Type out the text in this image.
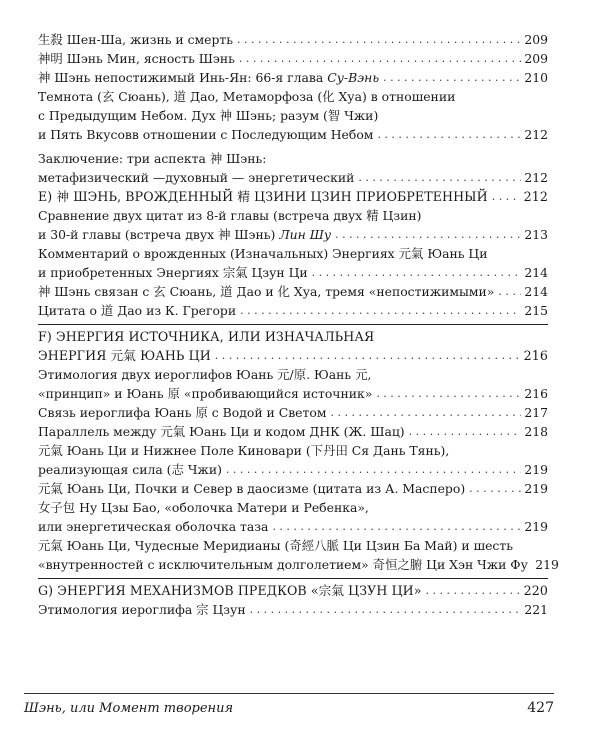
生殺 Шен-Ша, жизнь и смерть . . .	209
神明 Шэнь Мин, ясность Шэнь . . .	209
神 Шэнь непостижимый Инь-Ян: 66-я глава Су-Вэнь . . .	210
Темнота (玄 Сюань), 道 Дао, Метаморфоза (化 Хуа) в отношении
с Предыдущим Небом. Дух 神 Шэнь; разум (智 Чжи)
и Пять Вкусовв отношении с Последующим Небом . . .	212
Заключение: три аспекта 神 Шэнь:
метафизический —духовный — энергетический . . .	212
E) 神 ШЭНЬ, ВРОЖДЕННЫЙ 精 ЦЗИНИ ЦЗИН ПРИОБРЕТЕННЫЙ . . .	212
Сравнение двух цитат из 8-й главы (встреча двух 精 Цзин)
и 30-й главы (встреча двух 神 Шэнь) Лин Шу . . .	213
Комментарий о врожденных (Изначальных) Энергиях 元氣 Юань Ци
и приобретенных Энергиях 宗氣 Цзун Ци . . .	214
神 Шэнь связан с 玄 Сюань, 道 Дао и 化 Хуа, тремя «непостижимыми» . . . 214
Цитата о 道 Дао из К. Грегори . . .	215
F) ЭНЕРГИЯ ИСТОЧНИКА, ИЛИ ИЗНАЧАЛЬНАЯ
ЭНЕРГИЯ 元氣 ЮАНЬ ЦИ . . .	216
Этимология двух иероглифов Юань 元/原. Юань 元,
«принцип» и Юань 原 «пробивающийся источник» . . .	216
Связь иероглифа Юань 原 с Водой и Светом . . .	217
Параллель между 元氣 Юань Ци и кодом ДНК (Ж. Шац) . . .	218
元氣 Юань Ци и Нижнее Поле Киновари (下丹田 Ся Дань Тянь),
реализующая сила (志 Чжи) . . .	219
元氣 Юань Ци, Почки и Север в даосизме (цитата из А. Масперо) . . .	219
女子包 Ну Цзы Бао, «оболочка Матери и Ребенка»,
или энергетическая оболочка таза . . .	219
元氣 Юань Ци, Чудесные Меридианы (奇經八脈 Ци Цзин Ба Май) и шесть
«внутренностей с исключительным долголетием» 奇恒之腑 Ци Хэн Чжи Фу 219
G) ЭНЕРГИЯ МЕХАНИЗМОВ ПРЕДКОВ «宗氣 ЦЗУН ЦИ» . . .	220
Этимология иероглифа 宗 Цзун . . .	221
Шэнь, или Момент творения	427
